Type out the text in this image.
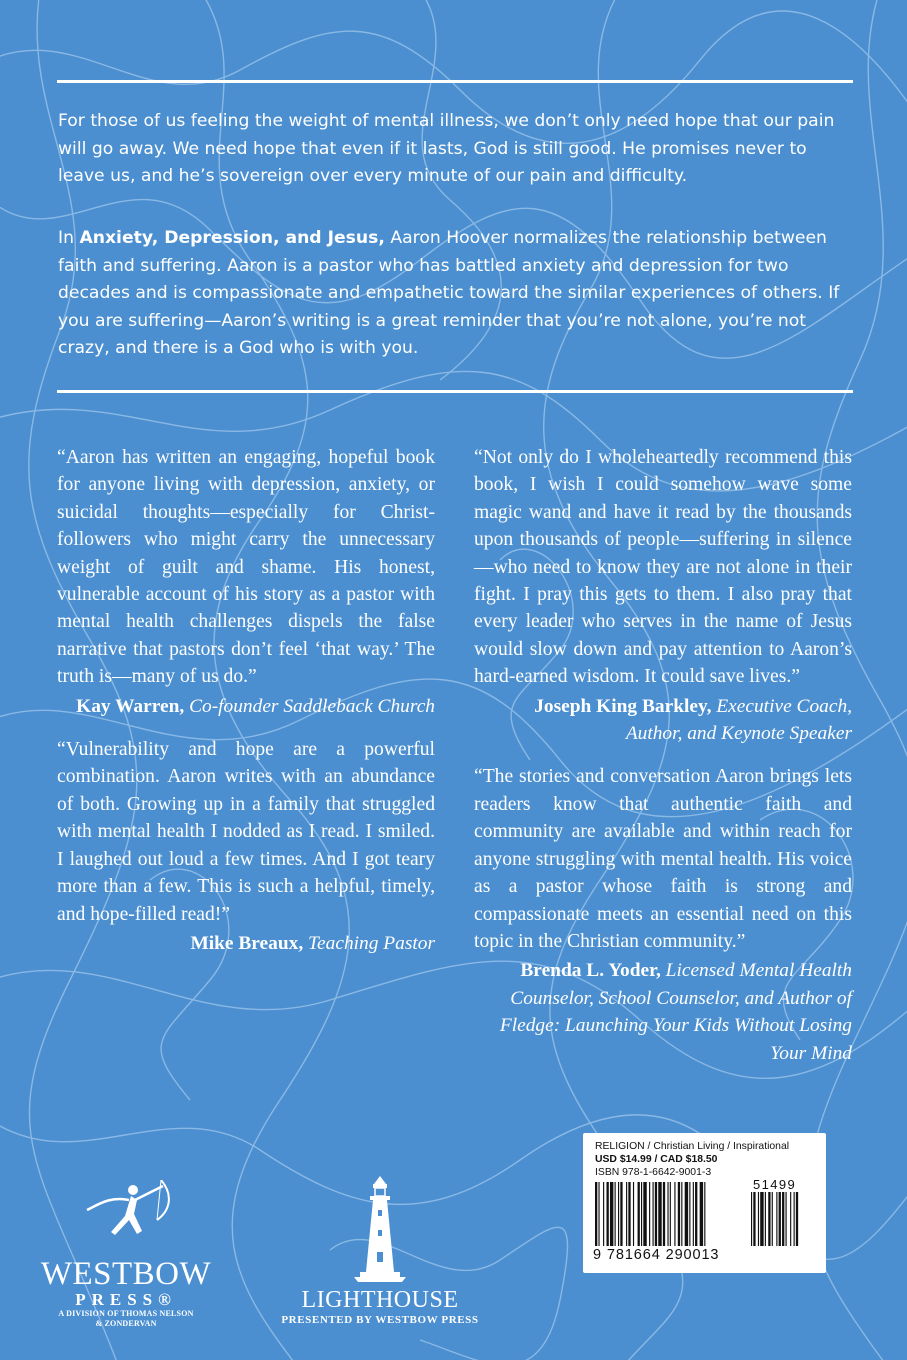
For those of us feeling the weight of mental illness, we don’t only need hope that our pain will go away. We need hope that even if it lasts, God is still good. He promises never to leave us, and he’s sovereign over every minute of our pain and difficulty.
In Anxiety, Depression, and Jesus, Aaron Hoover normalizes the relationship between faith and suffering. Aaron is a pastor who has battled anxiety and depression for two decades and is compassionate and empathetic toward the similar experiences of others. If you are suffering—Aaron’s writing is a great reminder that you’re not alone, you’re not crazy, and there is a God who is with you.

“Aaron has written an engaging, hopeful book for anyone living with depression, anxiety, or suicidal thoughts—especially for Christ-followers who might carry the unnecessary weight of guilt and shame. His honest, vulnerable account of his story as a pastor with mental health challenges dispels the false narrative that pastors don’t feel ‘that way.’ The truth is—many of us do.”

Kay Warren, Co-founder Saddleback Church

“Vulnerability and hope are a powerful combination. Aaron writes with an abundance of both. Growing up in a family that struggled with mental health I nodded as I read. I smiled. I laughed out loud a few times. And I got teary more than a few. This is such a helpful, timely, and hope-filled read!”

Mike Breaux, Teaching Pastor

“Not only do I wholeheartedly recommend this book, I wish I could somehow wave some magic wand and have it read by the thousands upon thousands of people—suffering in silence—who need to know they are not alone in their fight. I pray this gets to them. I also pray that every leader who serves in the name of Jesus would slow down and pay attention to Aaron’s hard-earned wisdom. It could save lives.”

Joseph King Barkley, Executive Coach, Author, and Keynote Speaker

“The stories and conversation Aaron brings lets readers know that authentic faith and community are available and within reach for anyone struggling with mental health. His voice as a pastor whose faith is strong and compassionate meets an essential need on this topic in the Christian community.”

Brenda L. Yoder, Licensed Mental Health Counselor, School Counselor, and Author of Fledge: Launching Your Kids Without Losing Your Mind

WESTBOW
PRESS®
A DIVISION OF THOMAS NELSON
& ZONDERVAN
LIGHTHOUSE
PRESENTED BY WESTBOW PRESS
RELIGION / Christian Living / Inspirational
USD $14.99 / CAD $18.50
ISBN 978-1-6642-9001-3
51499
9 781664 290013
